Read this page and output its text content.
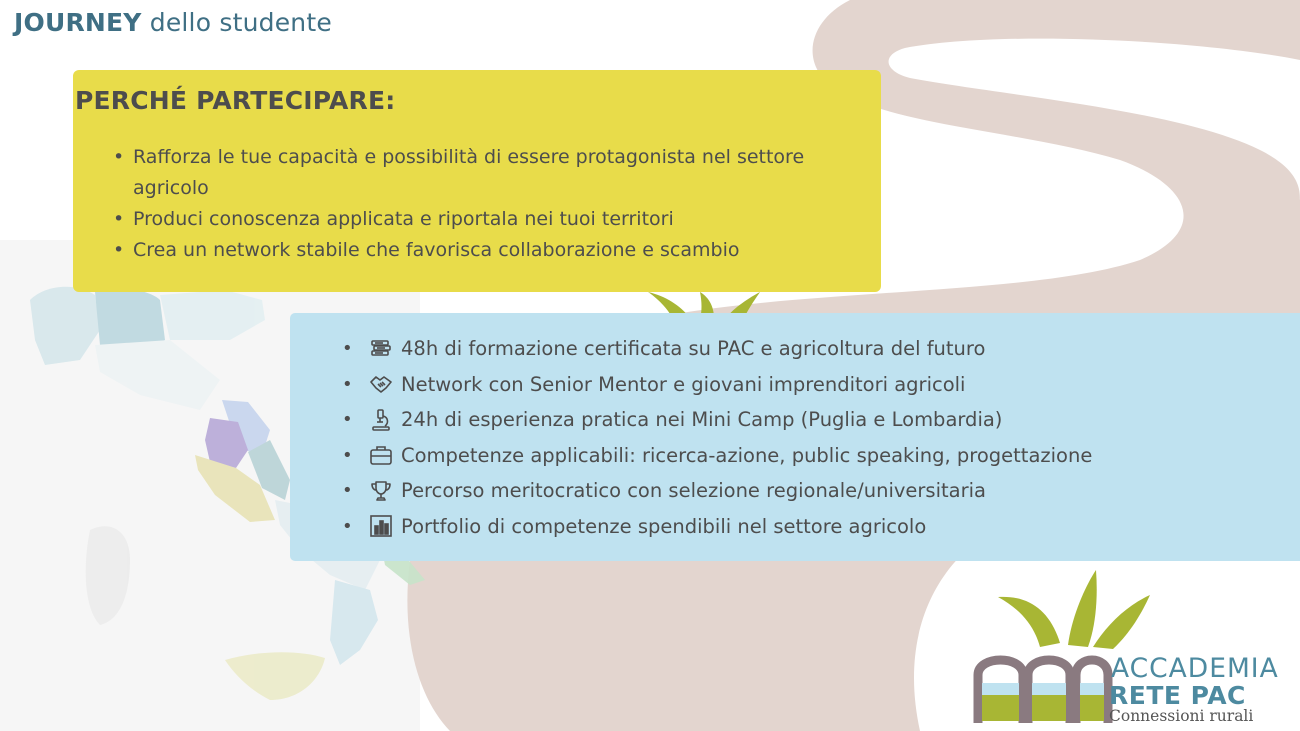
JOURNEY dello studente
PERCHÉ PARTECIPARE:
• Rafforza le tue capacità e possibilità di essere protagonista nel settore agricolo
• Produci conoscenza applicata e riportala nei tuoi territori
• Crea un network stabile che favorisca collaborazione e scambio
•	48h di formazione certificata su PAC e agricoltura del futuro
•	Network con Senior Mentor e giovani imprenditori agricoli
•	24h di esperienza pratica nei Mini Camp (Puglia e Lombardia)
•	Competenze applicabili: ricerca-azione, public speaking, progettazione
•	Percorso meritocratico con selezione regionale/universitaria
•	Portfolio di competenze spendibili nel settore agricolo
ACCADEMIA
RETE PAC
Connessioni rurali
